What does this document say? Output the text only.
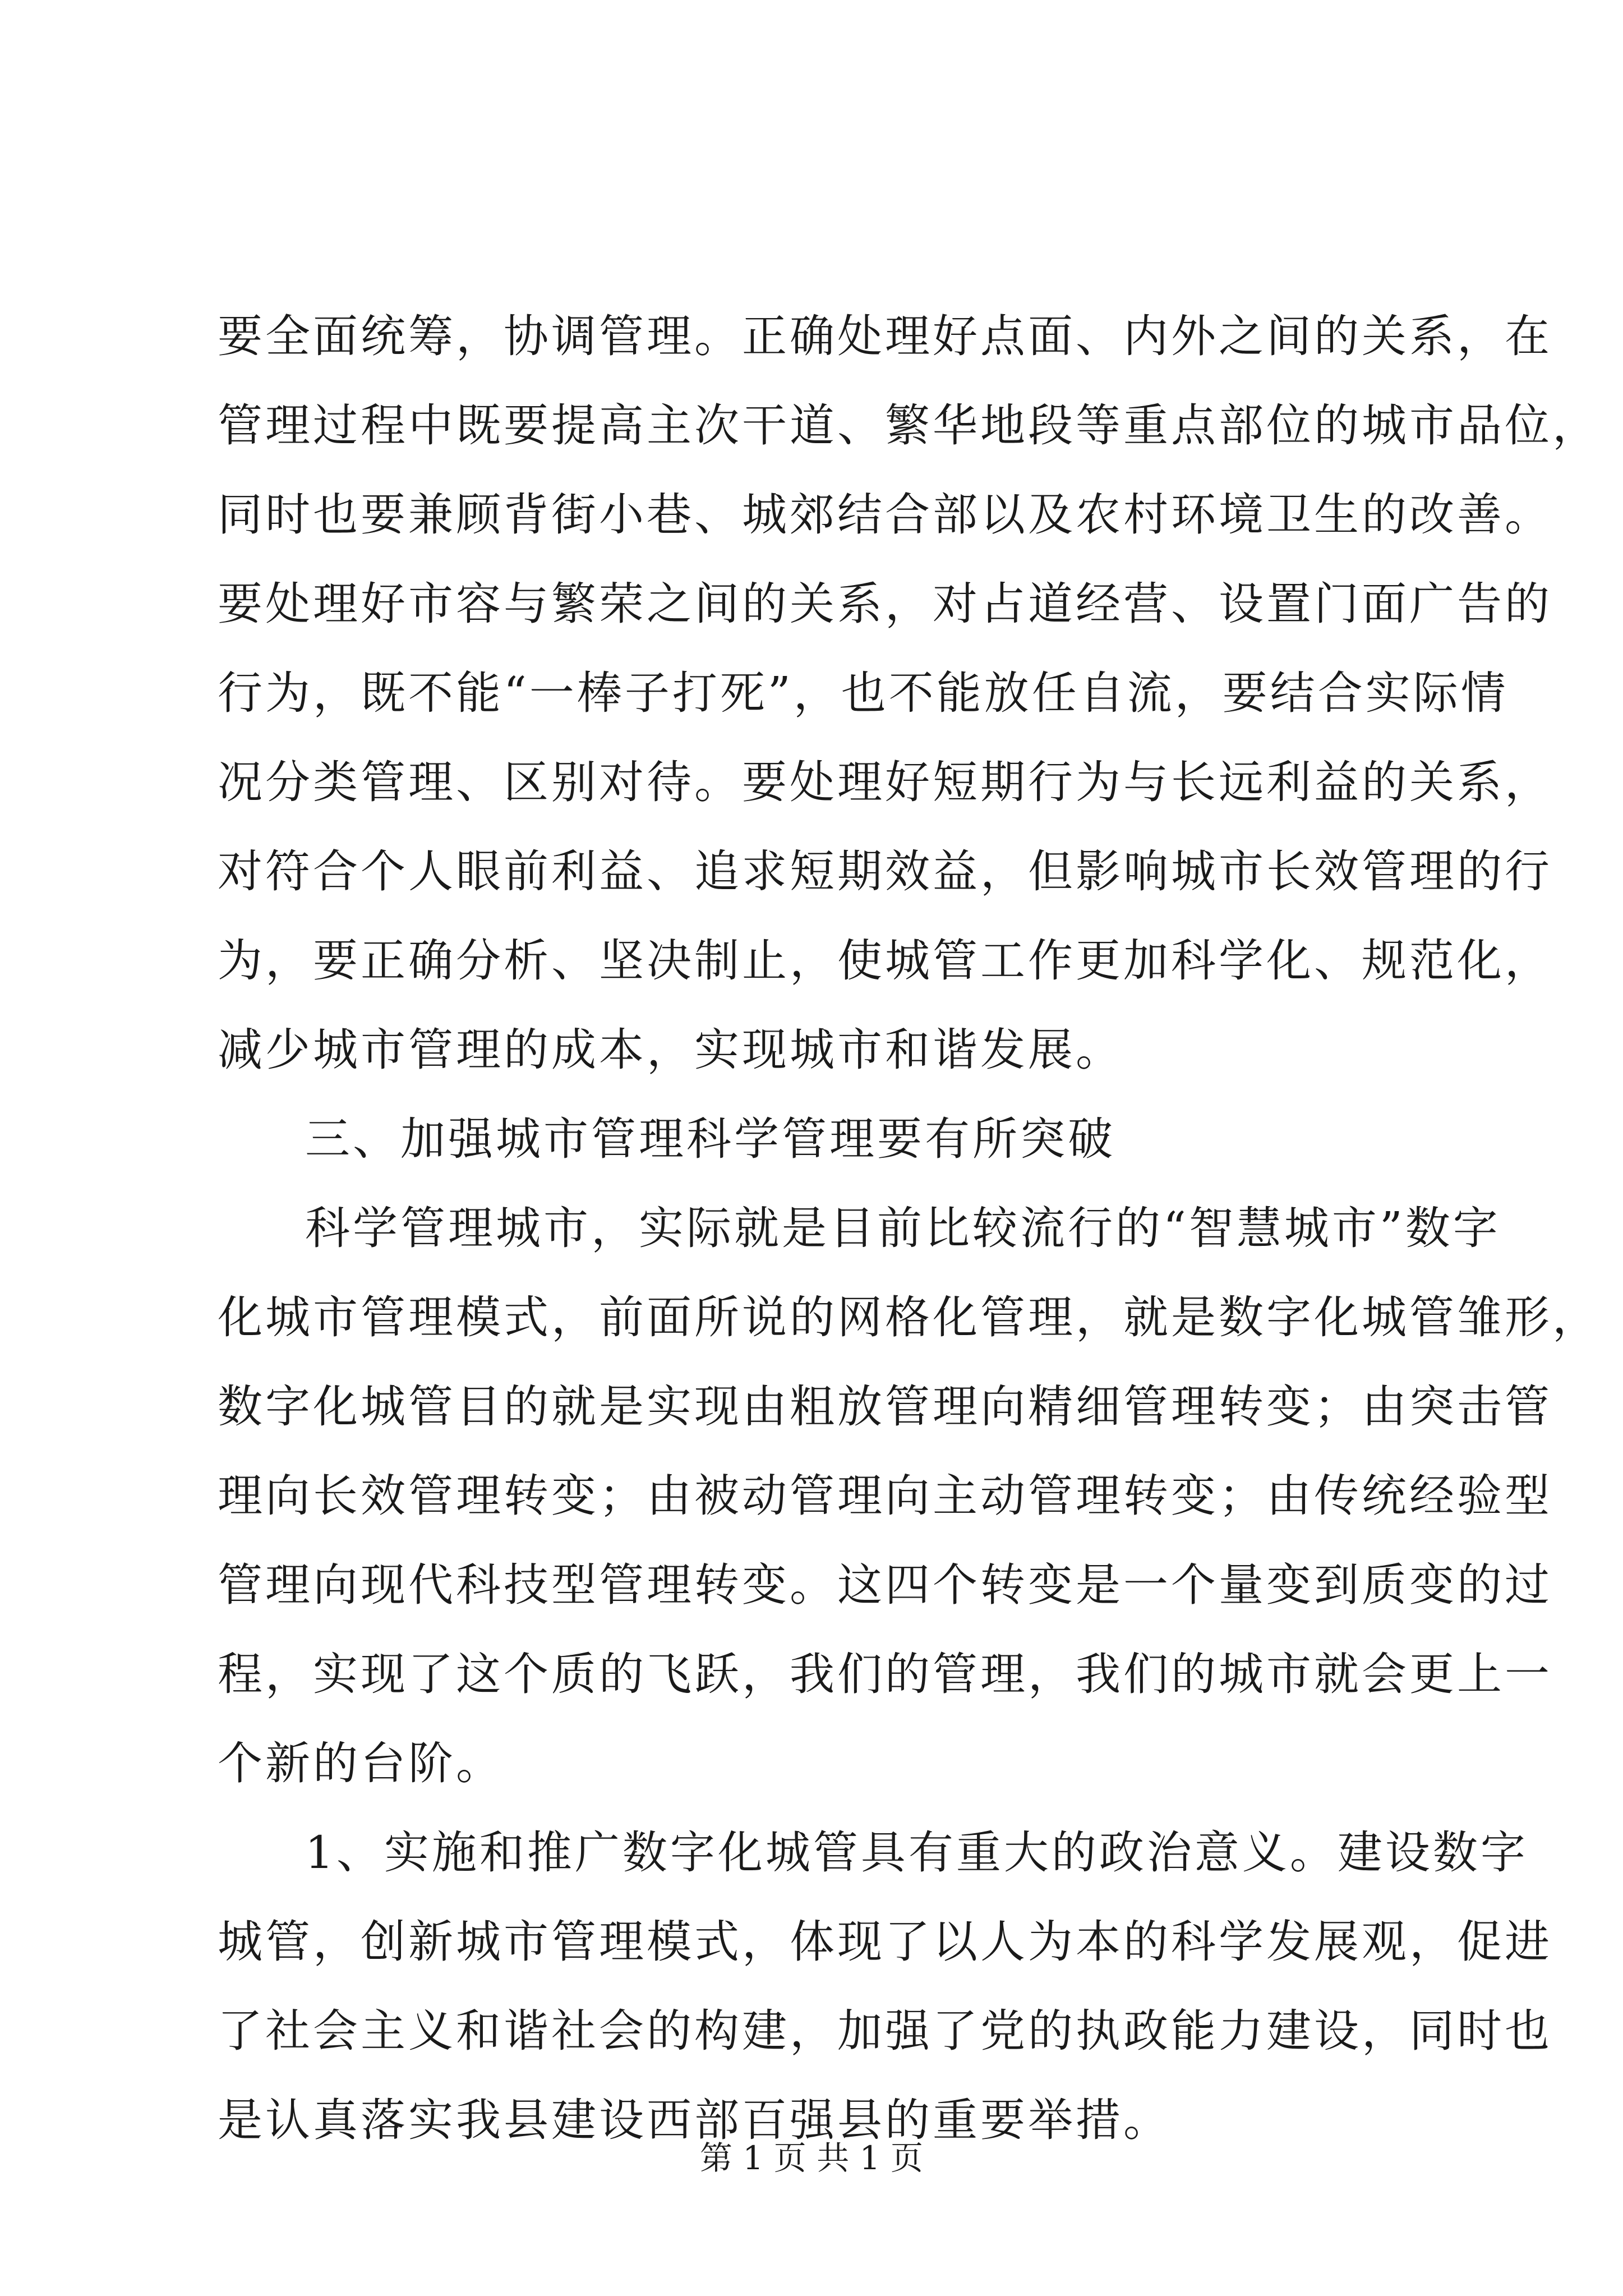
要全面统筹，协调管理。正确处理好点面、内外之间的关系，在
管理过程中既要提高主次干道、繁华地段等重点部位的城市品位，
同时也要兼顾背街小巷、城郊结合部以及农村环境卫生的改善。
要处理好市容与繁荣之间的关系，对占道经营、设置门面广告的
行为，既不能“一棒子打死”，也不能放任自流，要结合实际情
况分类管理、区别对待。要处理好短期行为与长远利益的关系，
对符合个人眼前利益、追求短期效益，但影响城市长效管理的行
为，要正确分析、坚决制止，使城管工作更加科学化、规范化，
减少城市管理的成本，实现城市和谐发展。
三、加强城市管理科学管理要有所突破
科学管理城市，实际就是目前比较流行的“智慧城市”数字
化城市管理模式，前面所说的网格化管理，就是数字化城管雏形，
数字化城管目的就是实现由粗放管理向精细管理转变；由突击管
理向长效管理转变；由被动管理向主动管理转变；由传统经验型
管理向现代科技型管理转变。这四个转变是一个量变到质变的过
程，实现了这个质的飞跃，我们的管理，我们的城市就会更上一
个新的台阶。
1、实施和推广数字化城管具有重大的政治意义。建设数字
城管，创新城市管理模式，体现了以人为本的科学发展观，促进
了社会主义和谐社会的构建，加强了党的执政能力建设，同时也
是认真落实我县建设西部百强县的重要举措。
第 1 页 共 1 页
